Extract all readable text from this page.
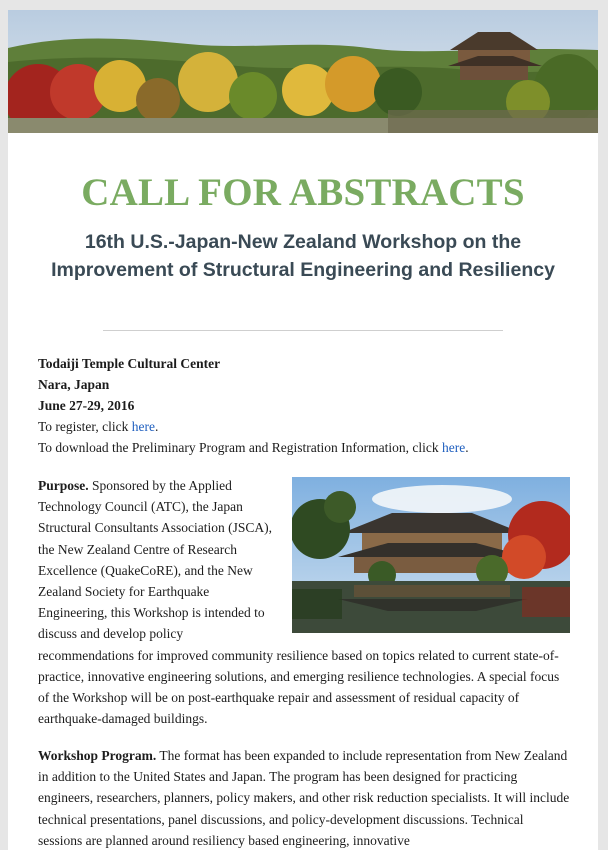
CALL FOR ABSTRACTS
16th U.S.-Japan-New Zealand Workshop on the Improvement of Structural Engineering and Resiliency
Todaiji Temple Cultural Center
Nara, Japan
June 27-29, 2016
To register, click here.
To download the Preliminary Program and Registration Information, click here.
Purpose. Sponsored by the Applied Technology Council (ATC), the Japan Structural Consultants Association (JSCA), the New Zealand Centre of Research Excellence (QuakeCoRE), and the New Zealand Society for Earthquake Engineering, this Workshop is intended to discuss and develop policy recommendations for improved community resilience based on topics related to current state-of-practice, innovative engineering solutions, and emerging resilience technologies. A special focus of the Workshop will be on post-earthquake repair and assessment of residual capacity of earthquake-damaged buildings.
Workshop Program. The format has been expanded to include representation from New Zealand in addition to the United States and Japan. The program has been designed for practicing engineers, researchers, planners, policy makers, and other risk reduction specialists. It will include technical presentations, panel discussions, and policy-development discussions. Technical sessions are planned around resiliency based engineering, innovative
